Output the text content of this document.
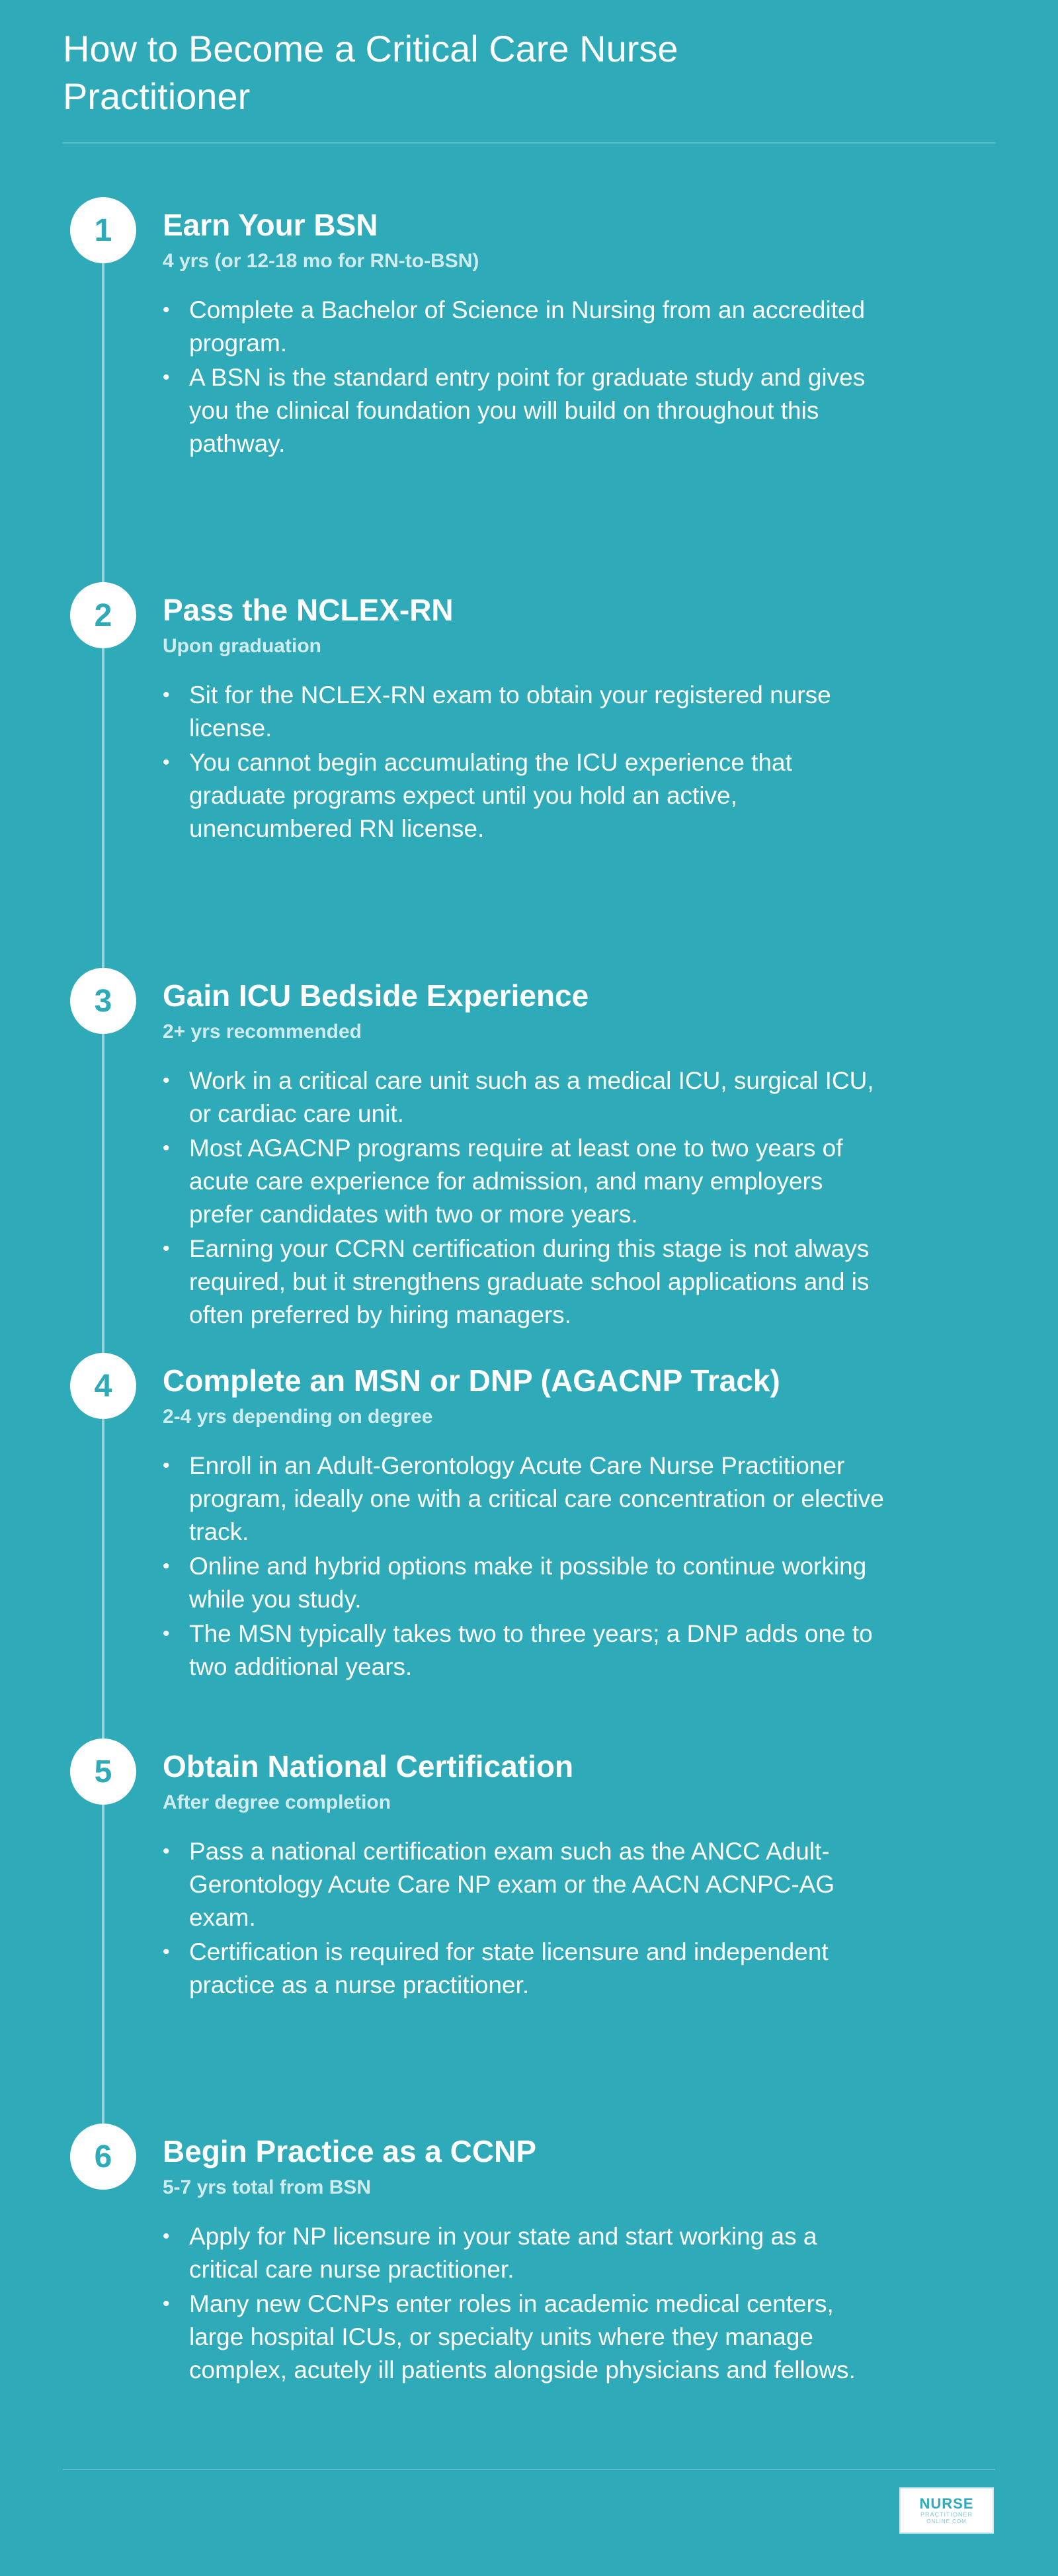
How to Become a Critical Care Nurse Practitioner
1	Earn Your BSN
4 yrs (or 12-18 mo for RN-to-BSN)
• Complete a Bachelor of Science in Nursing from an accredited program.
• A BSN is the standard entry point for graduate study and gives you the clinical foundation you will build on throughout this pathway.
2	Pass the NCLEX-RN
Upon graduation
• Sit for the NCLEX-RN exam to obtain your registered nurse license.
• You cannot begin accumulating the ICU experience that graduate programs expect until you hold an active, unencumbered RN license.
3	Gain ICU Bedside Experience
2+ yrs recommended
• Work in a critical care unit such as a medical ICU, surgical ICU, or cardiac care unit.
• Most AGACNP programs require at least one to two years of acute care experience for admission, and many employers prefer candidates with two or more years.
• Earning your CCRN certification during this stage is not always required, but it strengthens graduate school applications and is often preferred by hiring managers.
4	Complete an MSN or DNP (AGACNP Track)
2-4 yrs depending on degree
• Enroll in an Adult-Gerontology Acute Care Nurse Practitioner program, ideally one with a critical care concentration or elective track.
• Online and hybrid options make it possible to continue working while you study.
• The MSN typically takes two to three years; a DNP adds one to two additional years.
5	Obtain National Certification
After degree completion
• Pass a national certification exam such as the ANCC Adult-Gerontology Acute Care NP exam or the AACN ACNPC-AG exam.
• Certification is required for state licensure and independent practice as a nurse practitioner.
6	Begin Practice as a CCNP
5-7 yrs total from BSN
• Apply for NP licensure in your state and start working as a critical care nurse practitioner.
• Many new CCNPs enter roles in academic medical centers, large hospital ICUs, or specialty units where they manage complex, acutely ill patients alongside physicians and fellows.
NURSE
PRACTITIONER
ONLINE.COM
